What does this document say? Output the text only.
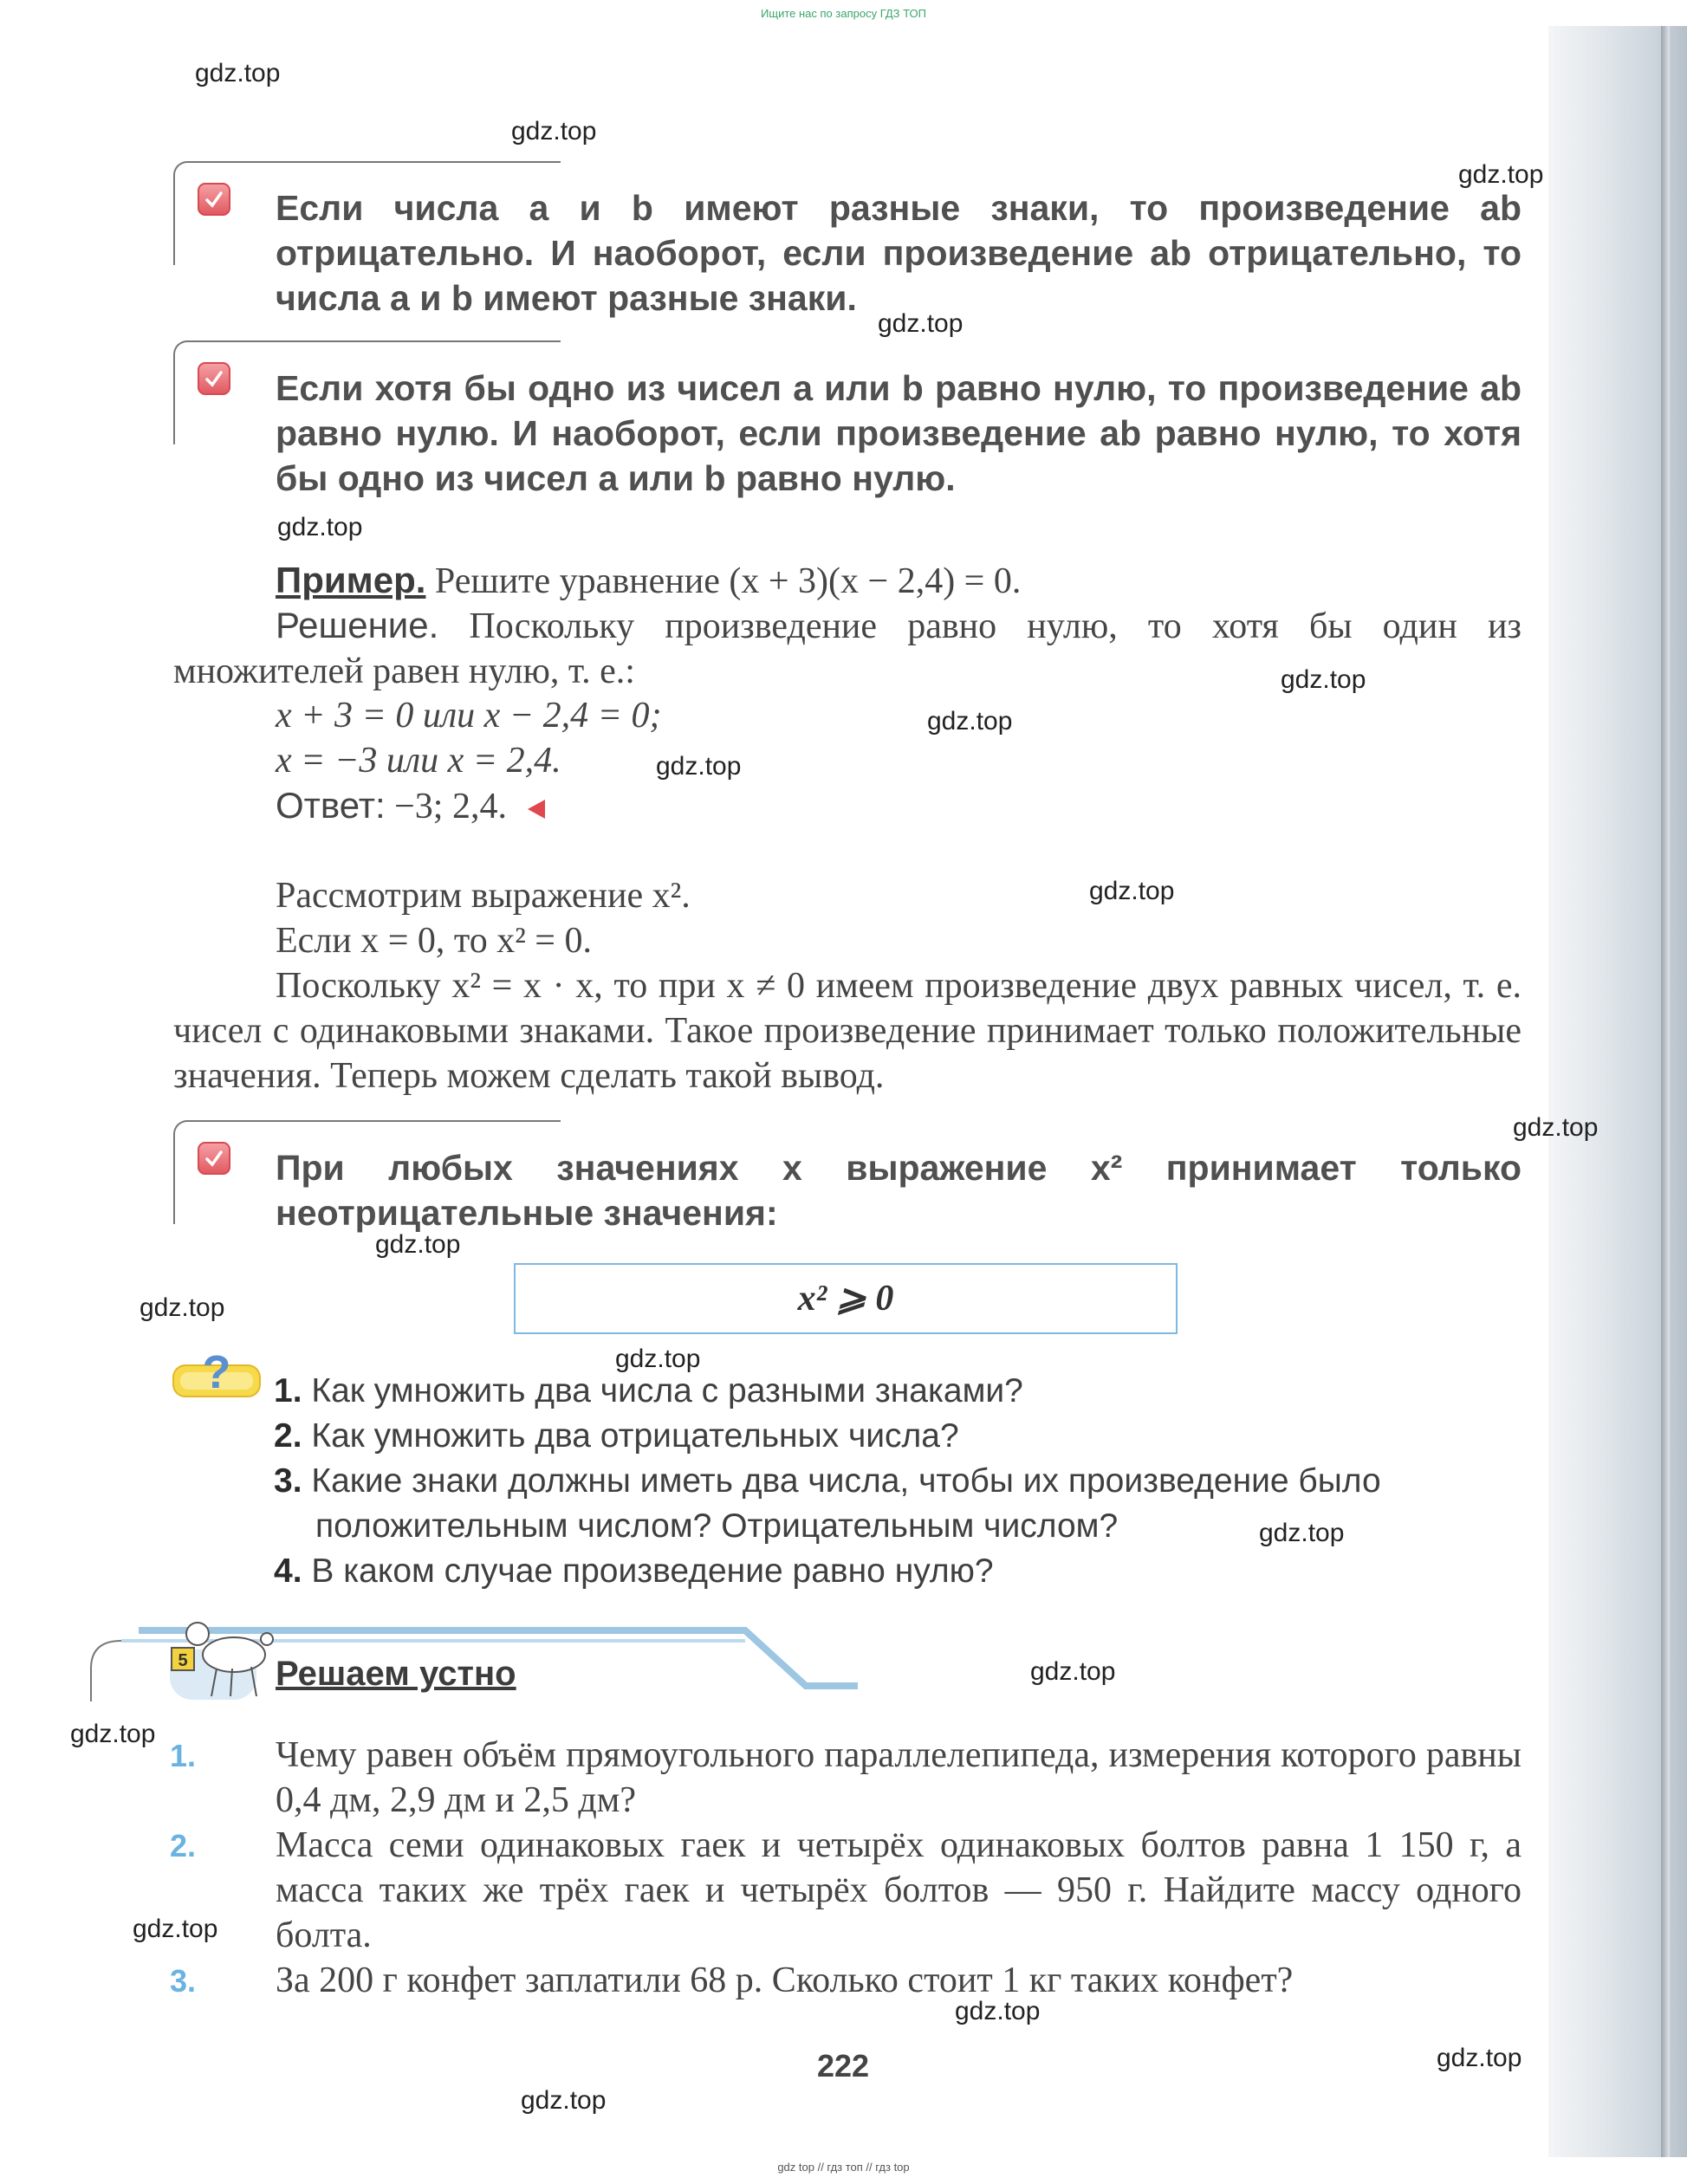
Ищите нас по запросу ГДЗ ТОП
gdz.top
gdz.top
gdz.top
gdz.top
gdz.top
gdz.top
gdz.top
gdz.top
gdz.top
gdz.top
gdz.top
gdz.top
gdz.top
gdz.top
gdz.top
gdz.top
gdz.top
gdz.top
gdz.top
gdz.top
Если числа a и b имеют разные знаки, то произведение ab отрицательно. И наоборот, если произведение ab отрицательно, то числа a и b имеют разные знаки.
Если хотя бы одно из чисел a или b равно нулю, то произведение ab равно нулю. И наоборот, если произведение ab равно нулю, то хотя бы одно из чисел a или b равно нулю.
Пример. Решите уравнение (x + 3)(x − 2,4) = 0.
Решение. Поскольку произведение равно нулю, то хотя бы один из множителей равен нулю, т. е.:
x + 3 = 0 или x − 2,4 = 0;
x = −3 или x = 2,4.
Ответ: −3; 2,4.
Рассмотрим выражение x².
Если x = 0, то x² = 0.
Поскольку x² = x · x, то при x ≠ 0 имеем произведение двух равных чисел, т. е. чисел с одинаковыми знаками. Такое произведение принимает только положительные значения. Теперь можем сделать такой вывод.
При любых значениях x выражение x² принимает только неотрицательные значения:
x² ⩾ 0
? 1. Как умножить два числа с разными знаками?
2. Как умножить два отрицательных числа?
3. Какие знаки должны иметь два числа, чтобы их произведение было положительным числом? Отрицательным числом?
4. В каком случае произведение равно нулю?
5	Решаем устно
1. Чему равен объём прямоугольного параллелепипеда, измерения которого равны 0,4 дм, 2,9 дм и 2,5 дм?
2. Масса семи одинаковых гаек и четырёх одинаковых болтов равна 1 150 г, а масса таких же трёх гаек и четырёх болтов — 950 г. Найдите массу одного болта.
3. За 200 г конфет заплатили 68 р. Сколько стоит 1 кг таких конфет?
222
gdz top // гдз топ // гдз top
